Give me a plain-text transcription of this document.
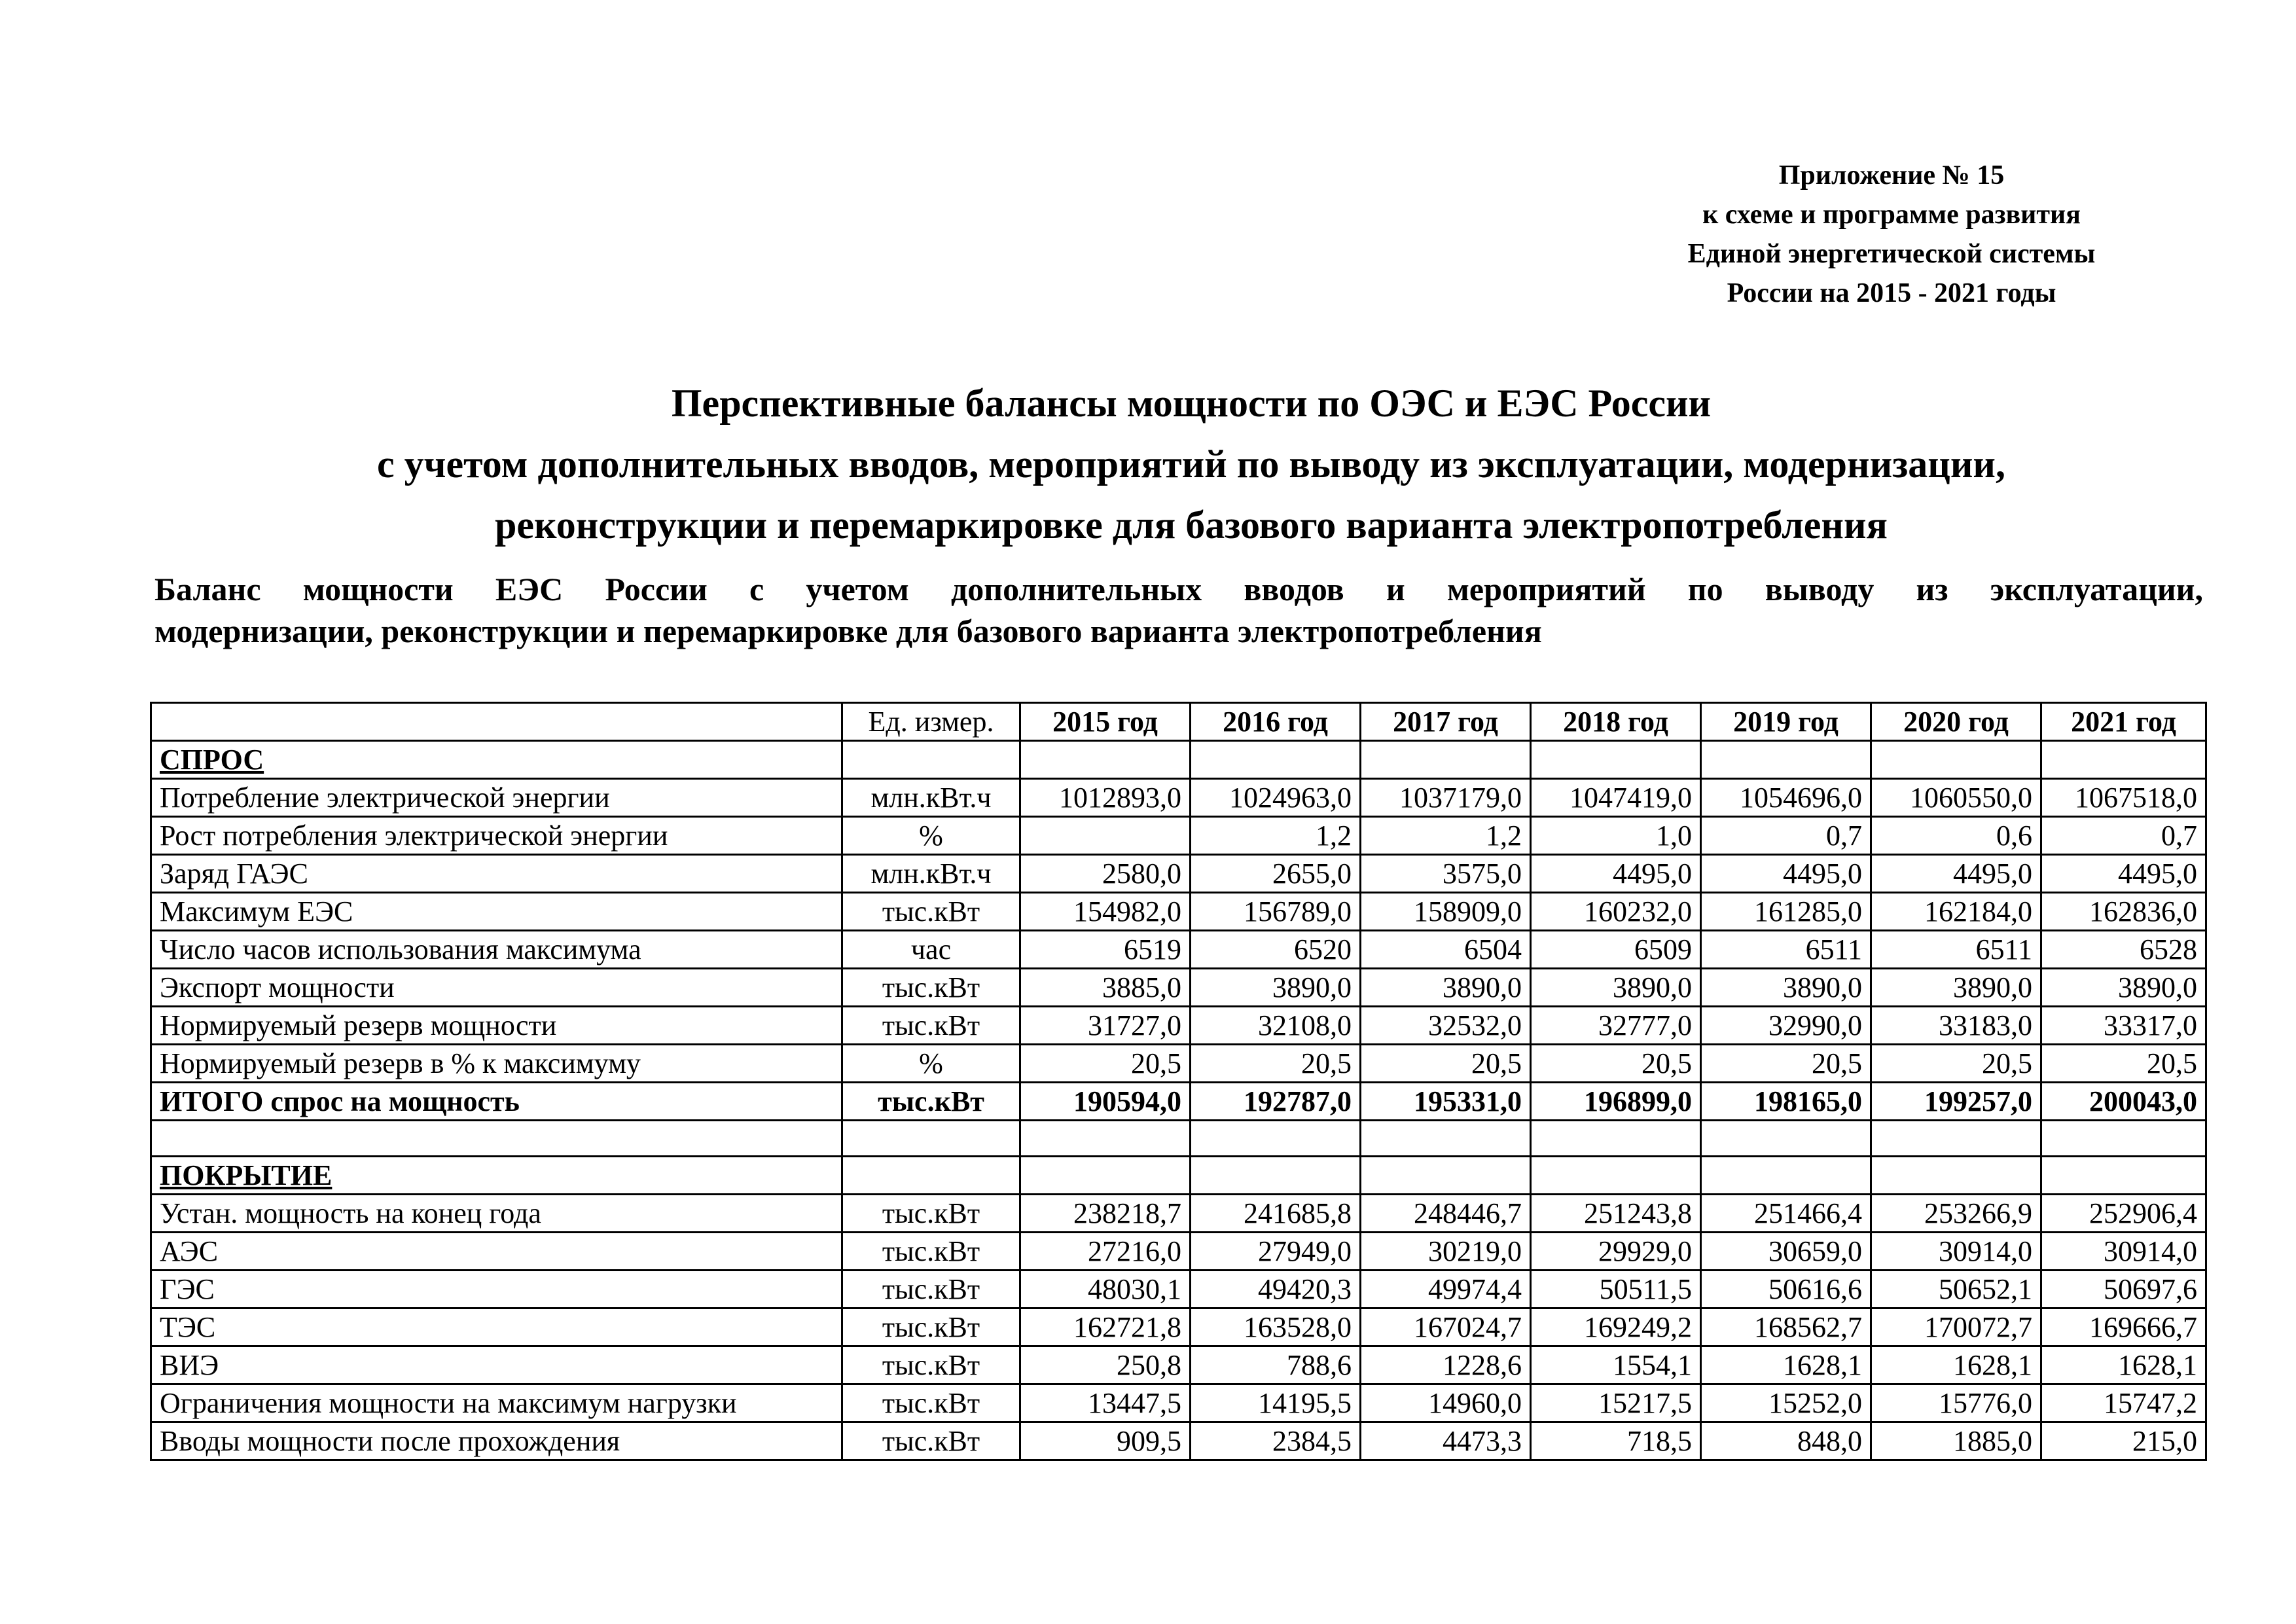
Приложение № 15
к схеме и программе развития
Единой энергетической системы
России на 2015 - 2021 годы
Перспективные балансы мощности по ОЭС и ЕЭС России
с учетом дополнительных вводов, мероприятий по выводу из эксплуатации, модернизации,
реконструкции и перемаркировке для базового варианта электропотребления
Баланс мощности ЕЭС России с учетом дополнительных вводов и мероприятий по выводу из эксплуатации,
модернизации, реконструкции и перемаркировке для базового варианта электропотребления
	Ед. измер.	2015 год	2016 год	2017 год	2018 год	2019 год	2020 год	2021 год
СПРОС								
Потребление электрической энергии	млн.кВт.ч	1012893,0	1024963,0	1037179,0	1047419,0	1054696,0	1060550,0	1067518,0
Рост потребления электрической энергии	%		1,2	1,2	1,0	0,7	0,6	0,7
Заряд ГАЭС	млн.кВт.ч	2580,0	2655,0	3575,0	4495,0	4495,0	4495,0	4495,0
Максимум ЕЭС	тыс.кВт	154982,0	156789,0	158909,0	160232,0	161285,0	162184,0	162836,0
Число часов использования максимума	час	6519	6520	6504	6509	6511	6511	6528
Экспорт мощности	тыс.кВт	3885,0	3890,0	3890,0	3890,0	3890,0	3890,0	3890,0
Нормируемый резерв мощности	тыс.кВт	31727,0	32108,0	32532,0	32777,0	32990,0	33183,0	33317,0
Нормируемый резерв в % к максимуму	%	20,5	20,5	20,5	20,5	20,5	20,5	20,5
ИТОГО спрос на мощность	тыс.кВт	190594,0	192787,0	195331,0	196899,0	198165,0	199257,0	200043,0

ПОКРЫТИЕ								
Устан. мощность на конец года	тыс.кВт	238218,7	241685,8	248446,7	251243,8	251466,4	253266,9	252906,4
АЭС	тыс.кВт	27216,0	27949,0	30219,0	29929,0	30659,0	30914,0	30914,0
ГЭС	тыс.кВт	48030,1	49420,3	49974,4	50511,5	50616,6	50652,1	50697,6
ТЭС	тыс.кВт	162721,8	163528,0	167024,7	169249,2	168562,7	170072,7	169666,7
ВИЭ	тыс.кВт	250,8	788,6	1228,6	1554,1	1628,1	1628,1	1628,1
Ограничения мощности на максимум нагрузки	тыс.кВт	13447,5	14195,5	14960,0	15217,5	15252,0	15776,0	15747,2
Вводы мощности после прохождения	тыс.кВт	909,5	2384,5	4473,3	718,5	848,0	1885,0	215,0
